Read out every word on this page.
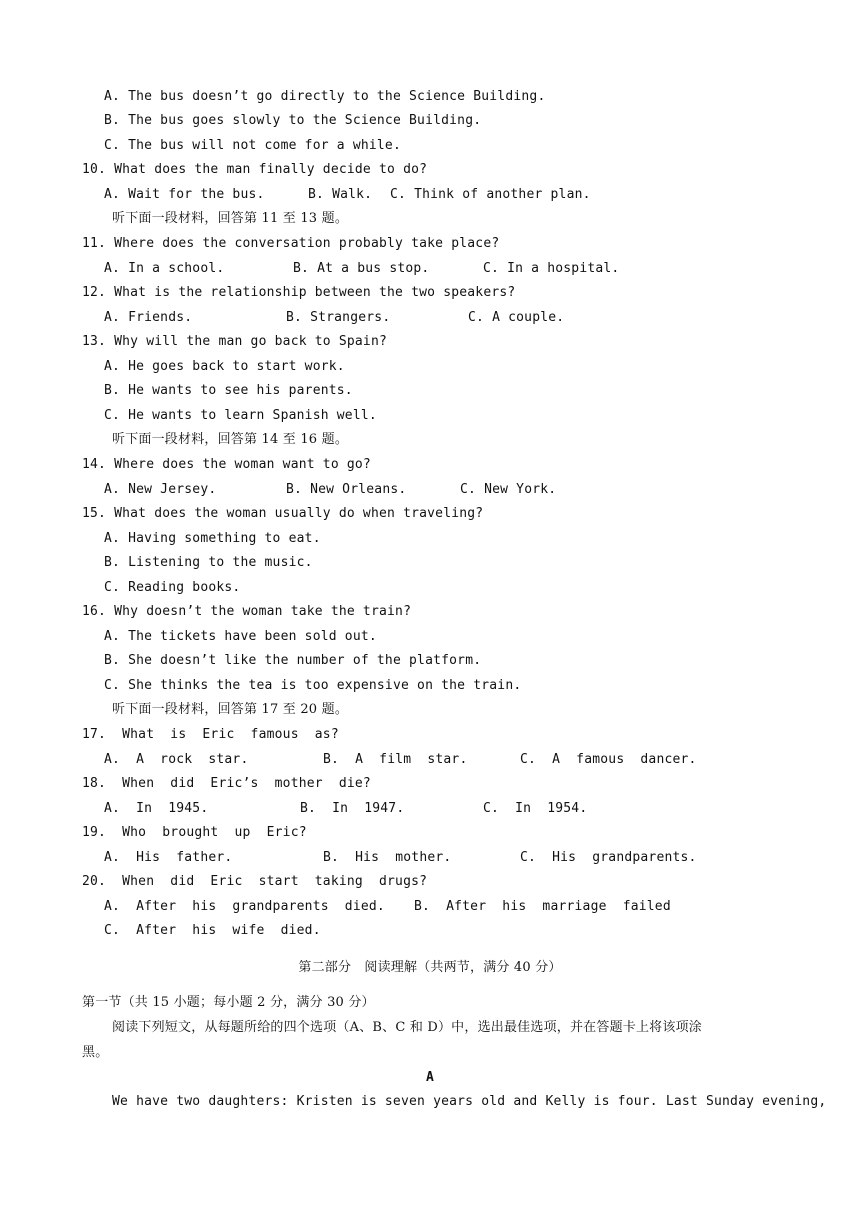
A. The bus doesn’t go directly to the Science Building.
B. The bus goes slowly to the Science Building.
C. The bus will not come for a while.
10. What does the man finally decide to do?
A. Wait for the bus.	B. Walk. C. Think of another plan.
听下面一段材料，回答第 11 至 13 题。
11. Where does the conversation probably take place?
A. In a school.	B. At a bus stop.	C. In a hospital.
12. What is the relationship between the two speakers?
A. Friends.	B. Strangers.	C. A couple.
13. Why will the man go back to Spain?
A. He goes back to start work.
B. He wants to see his parents.
C. He wants to learn Spanish well.
听下面一段材料，回答第 14 至 16 题。
14. Where does the woman want to go?
A. New Jersey.	B. New Orleans.	C. New York.
15. What does the woman usually do when traveling?
A. Having something to eat.
B. Listening to the music.
C. Reading books.
16. Why doesn’t the woman take the train?
A. The tickets have been sold out.
B. She doesn’t like the number of the platform.
C. She thinks the tea is too expensive on the train.
听下面一段材料，回答第 17 至 20 题。
17.  What  is  Eric  famous  as?
A.  A  rock  star.	B.  A  film  star.	C.  A  famous  dancer.
18.  When  did  Eric’s  mother  die?
A.  In  1945.	B.  In  1947.	C.  In  1954.
19.  Who  brought  up  Eric?
A.  His  father.	B.  His  mother.	C.  His  grandparents.
20.  When  did  Eric  start  taking  drugs?
A.  After  his  grandparents  died. B.  After  his  marriage  failed
C.  After  his  wife  died.
第二部分　阅读理解（共两节，满分 40 分）
第一节（共 15 小题；每小题 2 分，满分 30 分）
阅读下列短文，从每题所给的四个选项（A、B、C 和 D）中，选出最佳选项，并在答题卡上将该项涂
黑。
A
We have two daughters: Kristen is seven years old and Kelly is four. Last Sunday evening,
